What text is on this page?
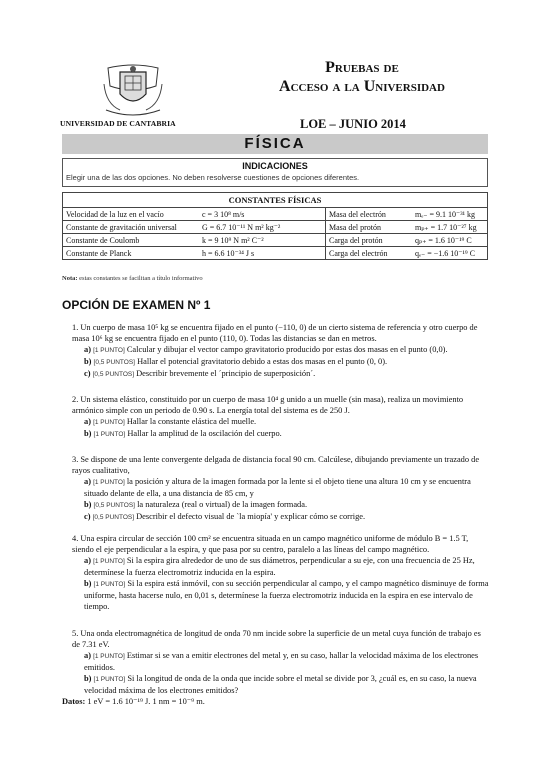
UNIVERSIDAD DE CANTABRIA
Pruebas de
Acceso a la Universidad
LOE – JUNIO 2014
FÍSICA
INDICACIONES
Elegir una de las dos opciones. No deben resolverse cuestiones de opciones diferentes.
CONSTANTES FÍSICAS			
Velocidad de la luz en el vacío	c = 3 10⁸ m/s	Masa del electrón	mₑ₋ = 9.1 10⁻³¹ kg
Constante de gravitación universal	G = 6.7 10⁻¹¹ N m² kg⁻²	Masa del protón	mₚ₊ = 1.7 10⁻²⁷ kg
Constante de Coulomb	k = 9 10⁹ N m² C⁻²	Carga del protón	qₚ₊ = 1.6 10⁻¹⁹ C
Constante de Planck	h = 6.6 10⁻³⁴ J s	Carga del electrón	qₑ₋ = −1.6 10⁻¹⁹ C
Nota: estas constantes se facilitan a título informativo
OPCIÓN DE EXAMEN Nº 1
1. Un cuerpo de masa 10⁵ kg se encuentra fijado en el punto (−110, 0) de un cierto sistema de referencia y otro cuerpo de masa 10⁶ kg se encuentra fijado en el punto (110, 0). Todas las distancias se dan en metros.
a) [1 PUNTO] Calcular y dibujar el vector campo gravitatorio producido por estas dos masas en el punto (0,0).
b) [0,5 PUNTOS] Hallar el potencial gravitatorio debido a estas dos masas en el punto (0, 0).
c) [0,5 PUNTOS] Describir brevemente el ´principio de superposición´.
2. Un sistema elástico, constituido por un cuerpo de masa 10⁴ g unido a un muelle (sin masa), realiza un movimiento armónico simple con un periodo de 0.90 s. La energía total del sistema es de 250 J.
a) [1 PUNTO] Hallar la constante elástica del muelle.
b) [1 PUNTO] Hallar la amplitud de la oscilación del cuerpo.
3. Se dispone de una lente convergente delgada de distancia focal 90 cm. Calcúlese, dibujando previamente un trazado de rayos cualitativo,
a) [1 PUNTO] la posición y altura de la imagen formada por la lente si el objeto tiene una altura 10 cm y se encuentra situado delante de ella, a una distancia de 85 cm, y
b) [0,5 PUNTOS] la naturaleza (real o virtual) de la imagen formada.
c) [0,5 PUNTOS] Describir el defecto visual de `la miopía' y explicar cómo se corrige.
4. Una espira circular de sección 100 cm² se encuentra situada en un campo magnético uniforme de módulo B = 1.5 T, siendo el eje perpendicular a la espira, y que pasa por su centro, paralelo a las líneas del campo magnético.
a) [1 PUNTO] Si la espira gira alrededor de uno de sus diámetros, perpendicular a su eje, con una frecuencia de 25 Hz, determínese la fuerza electromotriz inducida en la espira.
b) [1 PUNTO] Si la espira está inmóvil, con su sección perpendicular al campo, y el campo magnético disminuye de forma uniforme, hasta hacerse nulo, en 0,01 s, determínese la fuerza electromotriz inducida en la espira en ese intervalo de tiempo.
5. Una onda electromagnética de longitud de onda 70 nm incide sobre la superficie de un metal cuya función de trabajo es de 7.31 eV.
a) [1 PUNTO] Estimar si se van a emitir electrones del metal y, en su caso, hallar la velocidad máxima de los electrones emitidos.
b) [1 PUNTO] Si la longitud de onda de la onda que incide sobre el metal se divide por 3, ¿cuál es, en su caso, la nueva velocidad máxima de los electrones emitidos?
Datos: 1 eV = 1.6 10⁻¹⁹ J. 1 nm = 10⁻⁹ m.
